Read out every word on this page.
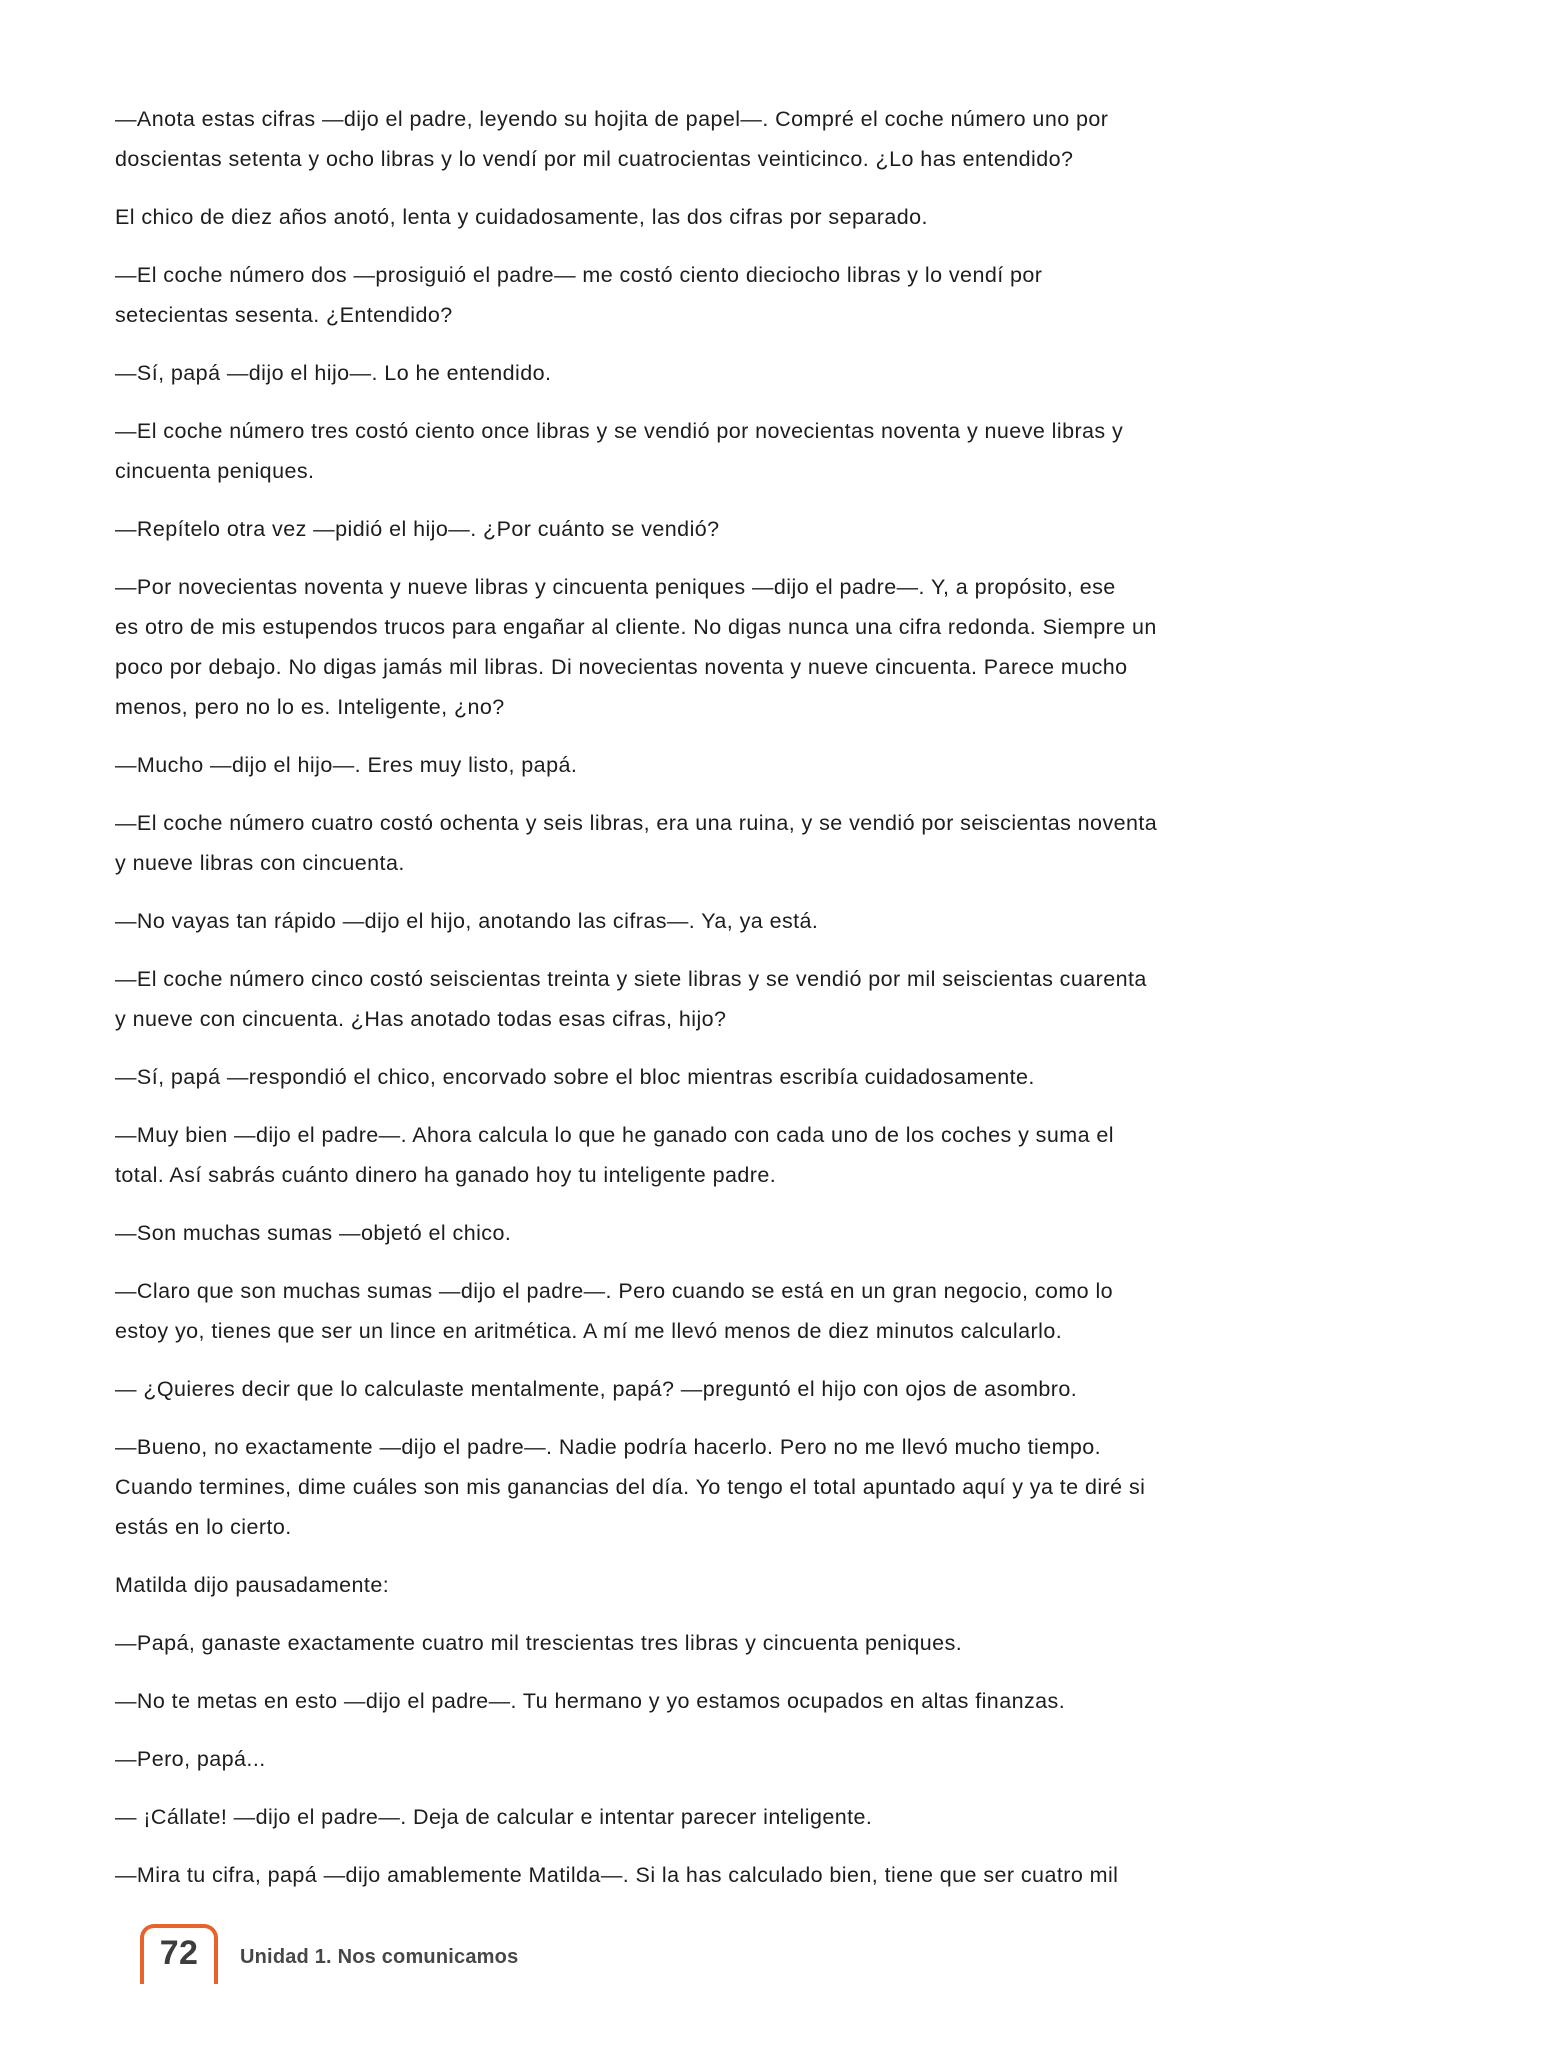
—Anota estas cifras —dijo el padre, leyendo su hojita de papel—. Compré el coche número uno por
doscientas setenta y ocho libras y lo vendí por mil cuatrocientas veinticinco. ¿Lo has entendido?

El chico de diez años anotó, lenta y cuidadosamente, las dos cifras por separado.

—El coche número dos —prosiguió el padre— me costó ciento dieciocho libras y lo vendí por
setecientas sesenta. ¿Entendido?

—Sí, papá —dijo el hijo—. Lo he entendido.

—El coche número tres costó ciento once libras y se vendió por novecientas noventa y nueve libras y
cincuenta peniques.

—Repítelo otra vez —pidió el hijo—. ¿Por cuánto se vendió?

—Por novecientas noventa y nueve libras y cincuenta peniques —dijo el padre—. Y, a propósito, ese
es otro de mis estupendos trucos para engañar al cliente. No digas nunca una cifra redonda. Siempre un
poco por debajo. No digas jamás mil libras. Di novecientas noventa y nueve cincuenta. Parece mucho
menos, pero no lo es. Inteligente, ¿no?

—Mucho —dijo el hijo—. Eres muy listo, papá.

—El coche número cuatro costó ochenta y seis libras, era una ruina, y se vendió por seiscientas noventa
y nueve libras con cincuenta.

—No vayas tan rápido —dijo el hijo, anotando las cifras—. Ya, ya está.

—El coche número cinco costó seiscientas treinta y siete libras y se vendió por mil seiscientas cuarenta
y nueve con cincuenta. ¿Has anotado todas esas cifras, hijo?

—Sí, papá —respondió el chico, encorvado sobre el bloc mientras escribía cuidadosamente.

—Muy bien —dijo el padre—. Ahora calcula lo que he ganado con cada uno de los coches y suma el
total. Así sabrás cuánto dinero ha ganado hoy tu inteligente padre.

—Son muchas sumas —objetó el chico.

—Claro que son muchas sumas —dijo el padre—. Pero cuando se está en un gran negocio, como lo
estoy yo, tienes que ser un lince en aritmética. A mí me llevó menos de diez minutos calcularlo.

— ¿Quieres decir que lo calculaste mentalmente, papá? —preguntó el hijo con ojos de asombro.

—Bueno, no exactamente —dijo el padre—. Nadie podría hacerlo. Pero no me llevó mucho tiempo.
Cuando termines, dime cuáles son mis ganancias del día. Yo tengo el total apuntado aquí y ya te diré si
estás en lo cierto.

Matilda dijo pausadamente:

—Papá, ganaste exactamente cuatro mil trescientas tres libras y cincuenta peniques.

—No te metas en esto —dijo el padre—. Tu hermano y yo estamos ocupados en altas finanzas.

—Pero, papá...

— ¡Cállate! —dijo el padre—. Deja de calcular e intentar parecer inteligente.

—Mira tu cifra, papá —dijo amablemente Matilda—. Si la has calculado bien, tiene que ser cuatro mil

72 Unidad 1. Nos comunicamos
